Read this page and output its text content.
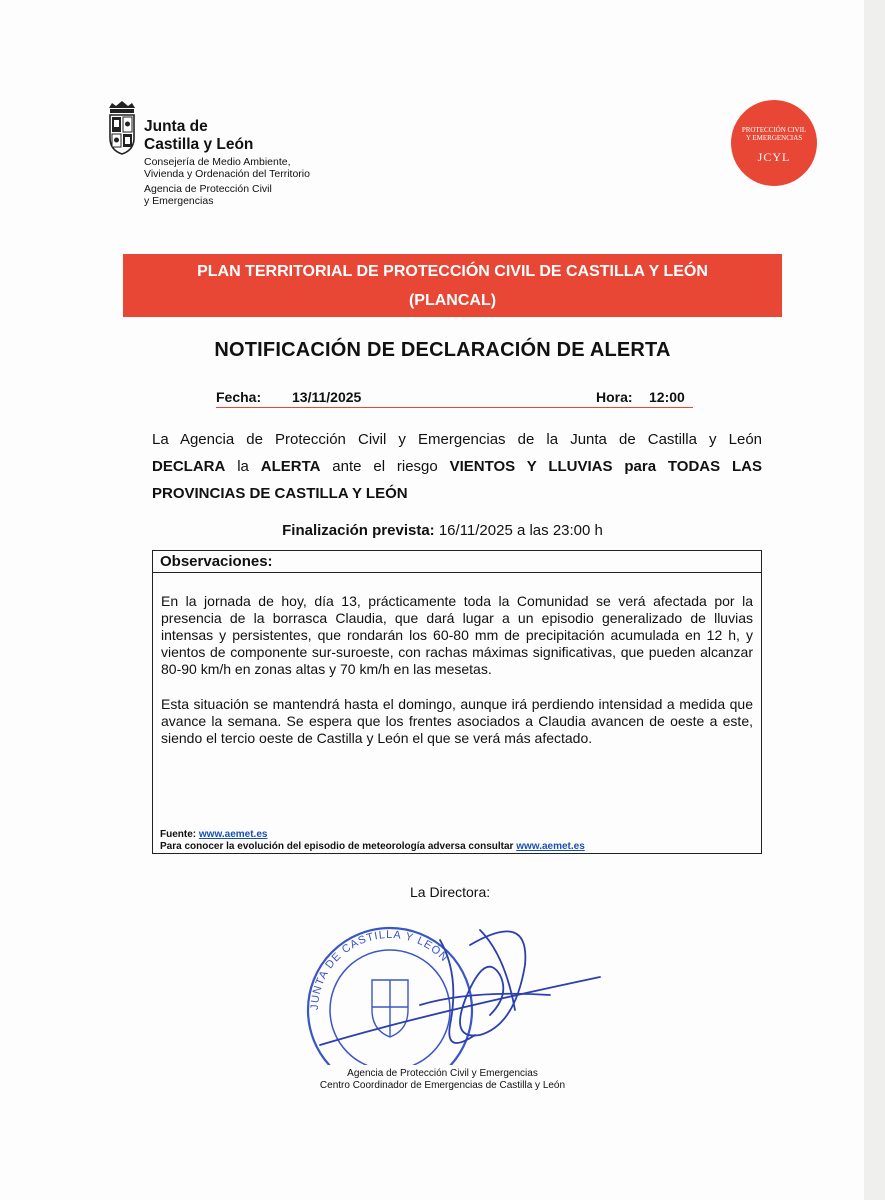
Junta de
Castilla y León
Consejería de Medio Ambiente,
Vivienda y Ordenación del Territorio
Agencia de Protección Civil
y Emergencias
PROTECCIÓN CIVIL
Y EMERGENCIAS
JCYL
PLAN TERRITORIAL DE PROTECCIÓN CIVIL DE CASTILLA Y LEÓN
(PLANCAL)
NOTIFICACIÓN DE DECLARACIÓN DE ALERTA
Fecha: 13/11/2025	Hora: 12:00
La Agencia de Protección Civil y Emergencias de la Junta de Castilla y León
DECLARA la ALERTA ante el riesgo VIENTOS Y LLUVIAS para TODAS LAS
PROVINCIAS DE CASTILLA Y LEÓN
Finalización prevista: 16/11/2025 a las 23:00 h
Observaciones:
En la jornada de hoy, día 13, prácticamente toda la Comunidad se verá afectada por la presencia de la borrasca Claudia, que dará lugar a un episodio generalizado de lluvias intensas y persistentes, que rondarán los 60-80 mm de precipitación acumulada en 12 h, y vientos de componente sur-suroeste, con rachas máximas significativas, que pueden alcanzar 80-90 km/h en zonas altas y 70 km/h en las mesetas.
Esta situación se mantendrá hasta el domingo, aunque irá perdiendo intensidad a medida que avance la semana. Se espera que los frentes asociados a Claudia avancen de oeste a este, siendo el tercio oeste de Castilla y León el que se verá más afectado.
Fuente: www.aemet.es
Para conocer la evolución del episodio de meteorología adversa consultar www.aemet.es
La Directora:
JUNTA DE CASTILLA Y LEÓN
Agencia de Protección Civil y Emergencias
Centro Coordinador de Emergencias de Castilla y León
